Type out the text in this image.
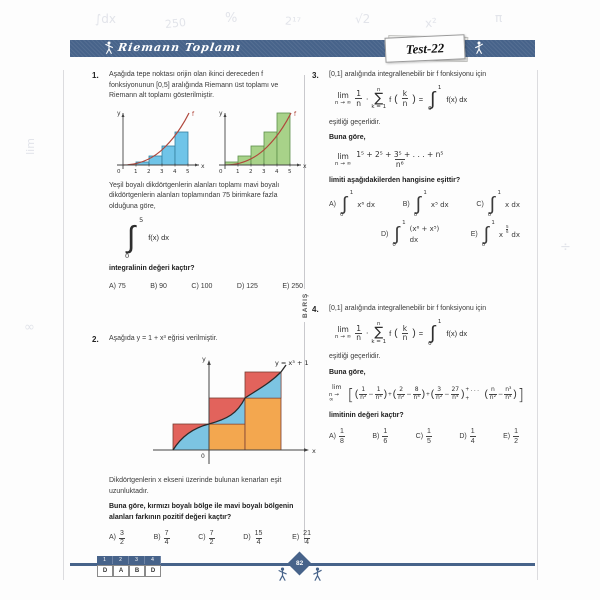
∫dx	250	%	2¹⁷	√2	x²	π
lim
∞
÷
Riemann Toplamı	Test-22
BARIŞ
1.	Aşağıda tepe noktası orijin olan ikinci dereceden f fonksiyonunun [0,5] aralığında Riemann üst toplamı ve Riemann alt toplamı gösterilmiştir.

y
x
0 1 2 3 4 5
f	y
x
0 1 2 3 4 5
f

Yeşil boyalı dikdörtgenlerin alanları toplamı mavi boyalı dikdörtgenlerin alanları toplamından 75 birimkare fazla olduğuna göre,

∫ 5
0
f(x) dx

integralinin değeri kaçtır?

A) 75	B) 90	C) 100	D) 125	E) 250
2.	Aşağıda y = 1 + x³ eğrisi verilmiştir.

0
x
y	y = x³ + 1

Dikdörtgenlerin x ekseni üzerinde bulunan kenarları eşit uzunluktadır.

Buna göre, kırmızı boyalı bölge ile mavi boyalı bölgenin alanları farkının pozitif değeri kaçtır?

$A) \frac{3}{2}$	$B) \frac{7}{4}$	$C) \frac{7}{2}$	$D) \frac{15}{4}$	$E) \frac{21}{4}$
3.	[0,1] aralığında integrallenebilir bir f fonksiyonu için

lim
n → ∞ $\frac{1}{n}$ ·
n
∑
k = 1
f ( $\frac{k}{n}$ ) = ∫ 1
0
f(x) dx

eşitliği geçerlidir.

Buna göre,

lim
n → ∞ $\frac{\text{1⁵ + 2⁵ + 3⁵ + . . . + n⁵}}{\text{n⁶}}$

limiti aşağıdakilerden hangisine eşittir?

A) ∫ 1
0
x⁶ dx	B) ∫ 1
0
x⁵ dx	C) ∫ 1
0
x dx
D) ∫ 1
0
(x⁶ + x⁵) dx
E) ∫ 1
0
x $\frac{5}{6}$ dx
4.	[0,1] aralığında integrallenebilir bir f fonksiyonu için

lim
n → ∞ $\frac{1}{n}$ ·
n
∑
k = 1
f ( $\frac{k}{n}$ ) = ∫ 1
0
f(x) dx

eşitliği geçerlidir.

Buna göre,

lim
n → ∞ [ ( $\frac{1}{\text{n²}} - \frac{1}{\text{n⁴}}$ ) + ( $\frac{2}{\text{n²}} - \frac{8}{\text{n⁴}}$ ) + ( $\frac{3}{\text{n²}} - \frac{27}{\text{n⁴}}$ ) + . . . +	( $\frac{n}{\text{n²}} - \frac{\text{n³}}{\text{n⁴}}$ ) ]

limitinin değeri kaçtır?

$A) \frac{1}{8}$	$B) \frac{1}{6}$	$C) \frac{1}{5}$	$D) \frac{1}{4}$	$E) \frac{1}{2}$
1	2	3	4
D	A	B	D
82
